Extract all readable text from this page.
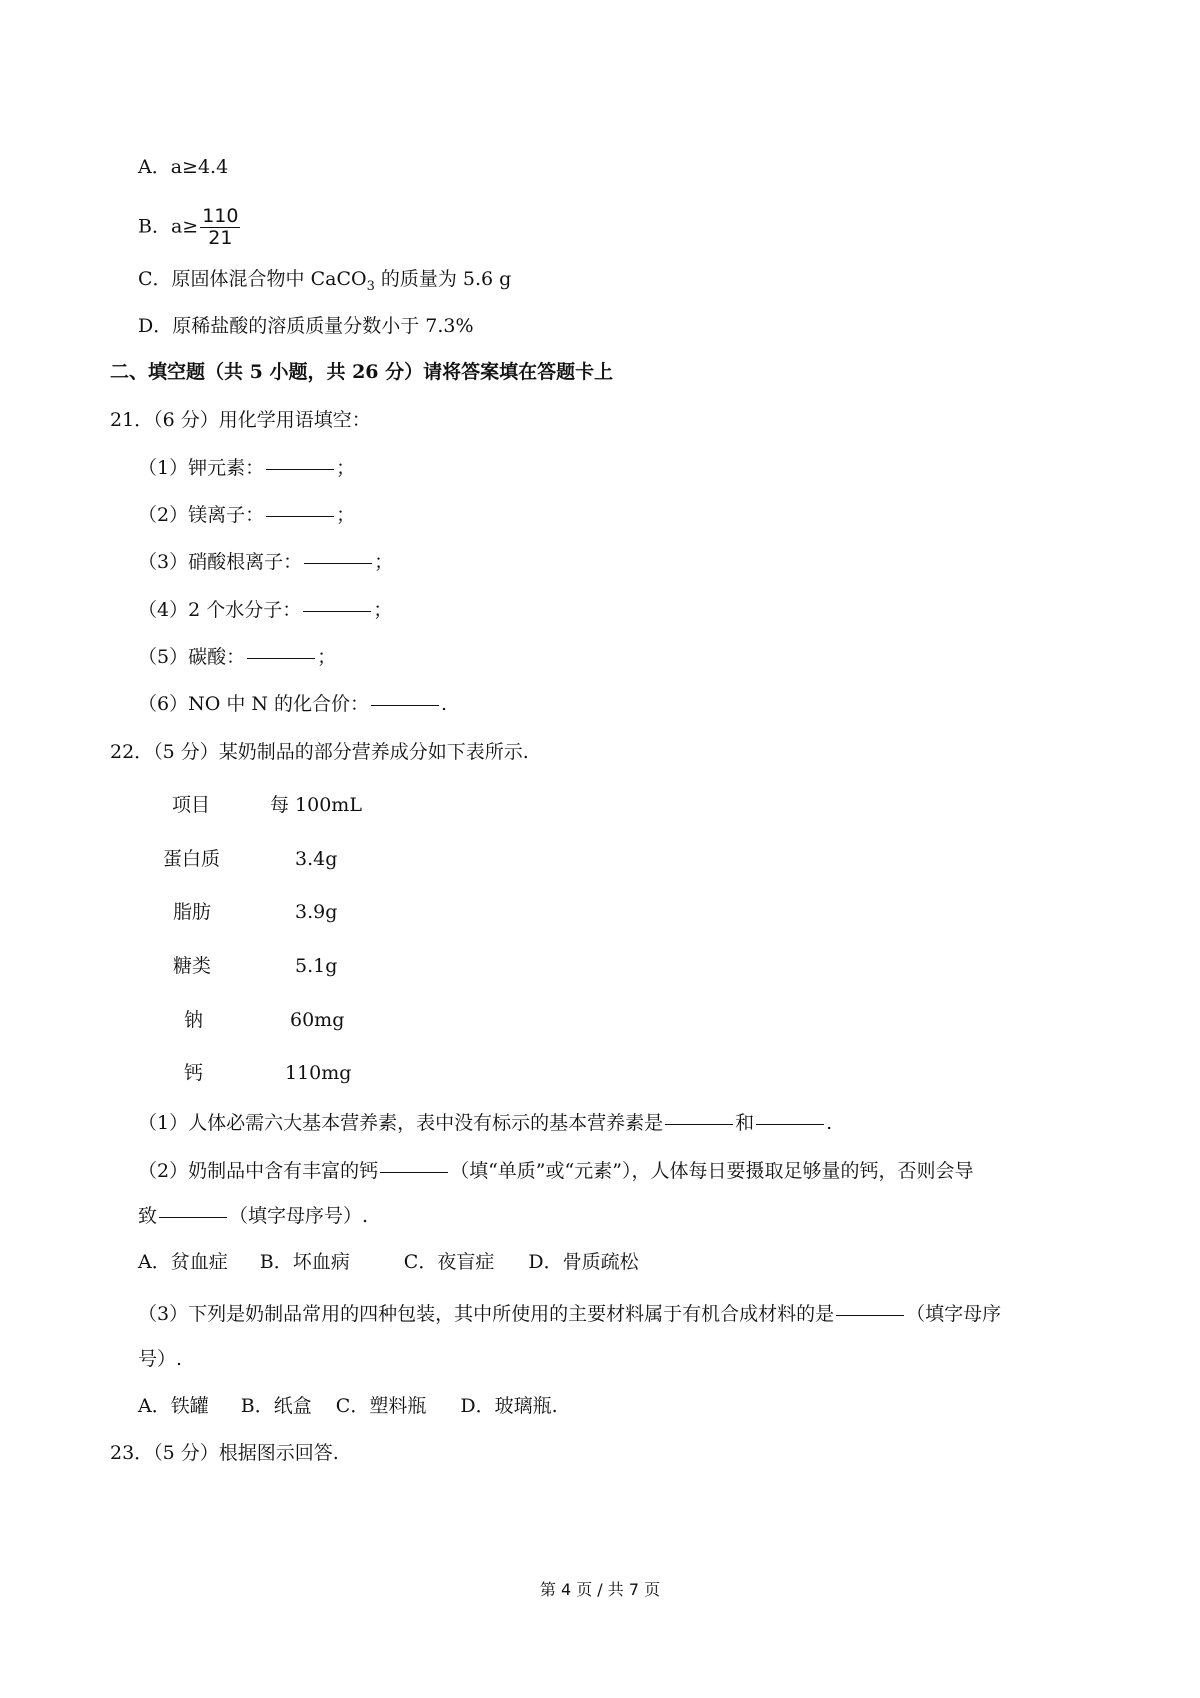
A．a≥4.4
B．$a\ge \frac{110}{21}$
C．原固体混合物中 CaCO$_3$ 的质量为 5.6 g
D．原稀盐酸的溶质质量分数小于 7.3%
二、填空题（共 5 小题，共 26 分）请将答案填在答题卡上
21．（6 分）用化学用语填空：
（1）钾元素：	；
（2）镁离子：	；
（3）硝酸根离子：	；
（4）2 个水分子：	；
（5）碳酸：	；
（6）NO 中 N 的化合价：	.
22．（5 分）某奶制品的部分营养成分如下表所示.
项目	每 100mL
蛋白质	3.4g
脂肪	3.9g
糖类	5.1g
钠	60mg
钙	110mg
（1）人体必需六大基本营养素，表中没有标示的基本营养素是	和	.
（2）奶制品中含有丰富的钙	（填“单质”或“元素”），人体每日要摄取足够量的钙，否则会导
致	（填字母序号）.
A．贫血症 B．坏血病	C．夜盲症 D．骨质疏松
（3）下列是奶制品常用的四种包装，其中所使用的主要材料属于有机合成材料的是	（填字母序
号）.
A．铁罐 B．纸盒 C．塑料瓶 D．玻璃瓶.
23．（5 分）根据图示回答.
第 4 页 / 共 7 页
